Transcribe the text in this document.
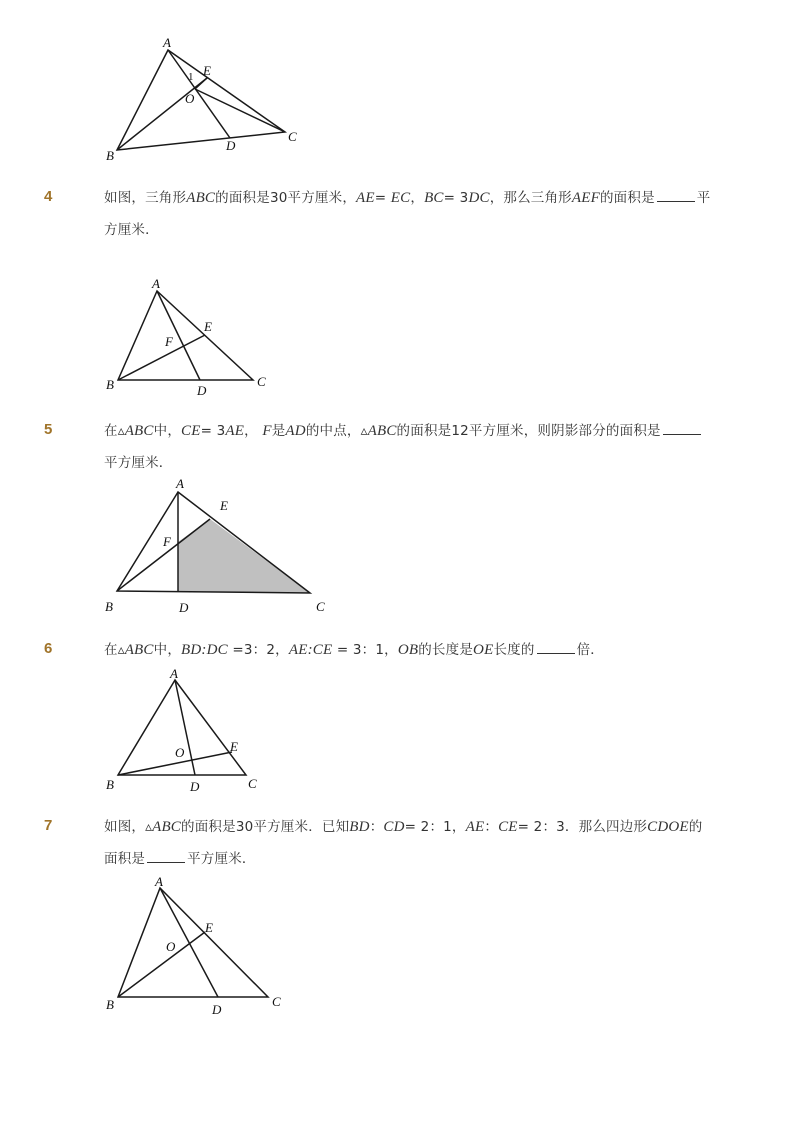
A
E
1
O
B
D
C
4	如图，三角形ABC的面积是30平方厘米，AE= EC，BC= 3DC，那么三角形AEF的面积是	平
方厘米．
A
E
F
B	D
C
5	在▵ABC中，CE= 3AE， F是AD的中点，▵ABC的面积是12平方厘米，则阴影部分的面积是
平方厘米．
A
E
F
B	D	C
6	在▵ABC中，BD:DC =3：2，AE:CE = 3：1，OB的长度是OE长度的	倍．
A
O	E
B	D	C
7	如图，▵ABC的面积是30平方厘米．已知BD：CD= 2：1，AE：CE= 2：3．那么四边形CDOE的
面积是	平方厘米．
A
E
O
B	D
C
